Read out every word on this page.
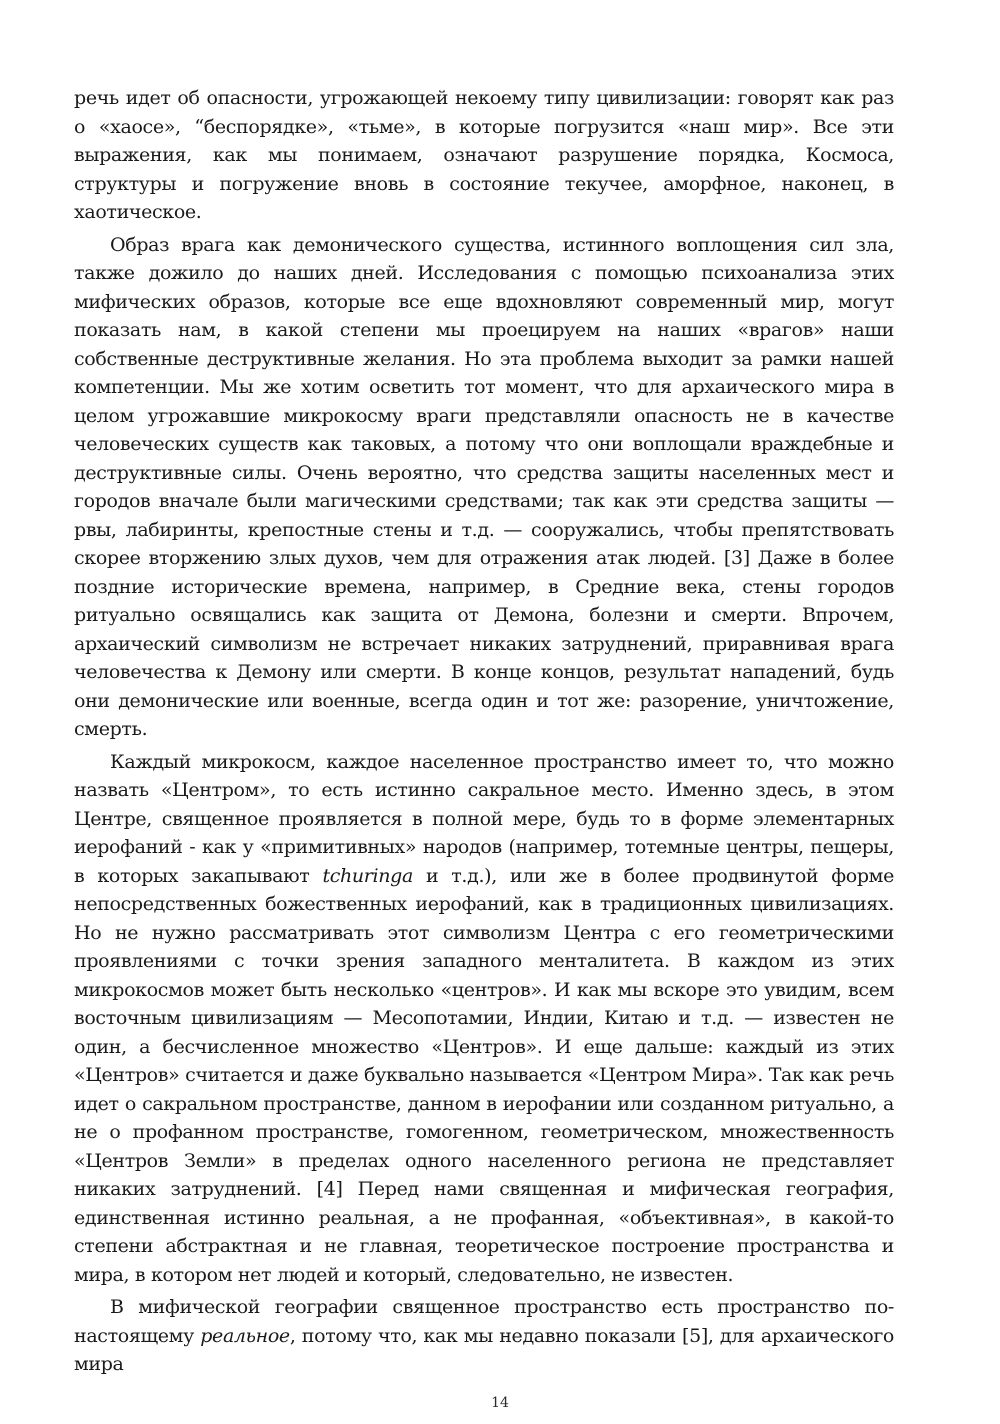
речь идет об опасности, угрожающей некоему типу цивилизации: говорят как раз о «хаосе», “беспорядке», «тьме», в которые погрузится «наш мир». Все эти выражения, как мы понимаем, означают разрушение порядка, Космоса, структуры и погружение вновь в состояние текучее, аморфное, наконец, в хаотическое.

Образ врага как демонического существа, истинного воплощения сил зла, также дожило до наших дней. Исследования с помощью психоанализа этих мифических образов, которые все еще вдохновляют современный мир, могут показать нам, в какой степени мы проецируем на наших «врагов» наши собственные деструктивные желания. Но эта проблема выходит за рамки нашей компетенции. Мы же хотим осветить тот момент, что для архаического мира в целом угрожавшие микрокосму враги представляли опасность не в качестве человеческих существ как таковых, а потому что они воплощали враждебные и деструктивные силы. Очень вероятно, что средства защиты населенных мест и городов вначале были магическими средствами; так как эти средства защиты — рвы, лабиринты, крепостные стены и т.д. — сооружались, чтобы препятствовать скорее вторжению злых духов, чем для отражения атак людей. [3] Даже в более поздние исторические времена, например, в Средние века, стены городов ритуально освящались как защита от Демона, болезни и смерти. Впрочем, архаический символизм не встречает никаких затруднений, приравнивая врага человечества к Демону или смерти. В конце концов, результат нападений, будь они демонические или военные, всегда один и тот же: разорение, уничтожение, смерть.

Каждый микрокосм, каждое населенное пространство имеет то, что можно назвать «Центром», то есть истинно сакральное место. Именно здесь, в этом Центре, священное проявляется в полной мере, будь то в форме элементарных иерофаний - как у «примитивных» народов (например, тотемные центры, пещеры, в которых закапывают tchuringa и т.д.), или же в более продвинутой форме непосредственных божественных иерофаний, как в традиционных цивилизациях. Но не нужно рассматривать этот символизм Центра с его геометрическими проявлениями с точки зрения западного менталитета. В каждом из этих микрокосмов может быть несколько «центров». И как мы вскоре это увидим, всем восточным цивилизациям — Месопотамии, Индии, Китаю и т.д. — известен не один, а бесчисленное множество «Центров». И еще дальше: каждый из этих «Центров» считается и даже буквально называется «Центром Мира». Так как речь идет о сакральном пространстве, данном в иерофании или созданном ритуально, а не о профанном пространстве, гомогенном, геометрическом, множественность «Центров Земли» в пределах одного населенного региона не представляет никаких затруднений. [4] Перед нами священная и мифическая география, единственная истинно реальная, а не профанная, «объективная», в какой-то степени абстрактная и не главная, теоретическое построение пространства и мира, в котором нет людей и который, следовательно, не известен.

В мифической географии священное пространство есть пространство по-настоящему реальное, потому что, как мы недавно показали [5], для архаического мира

14
